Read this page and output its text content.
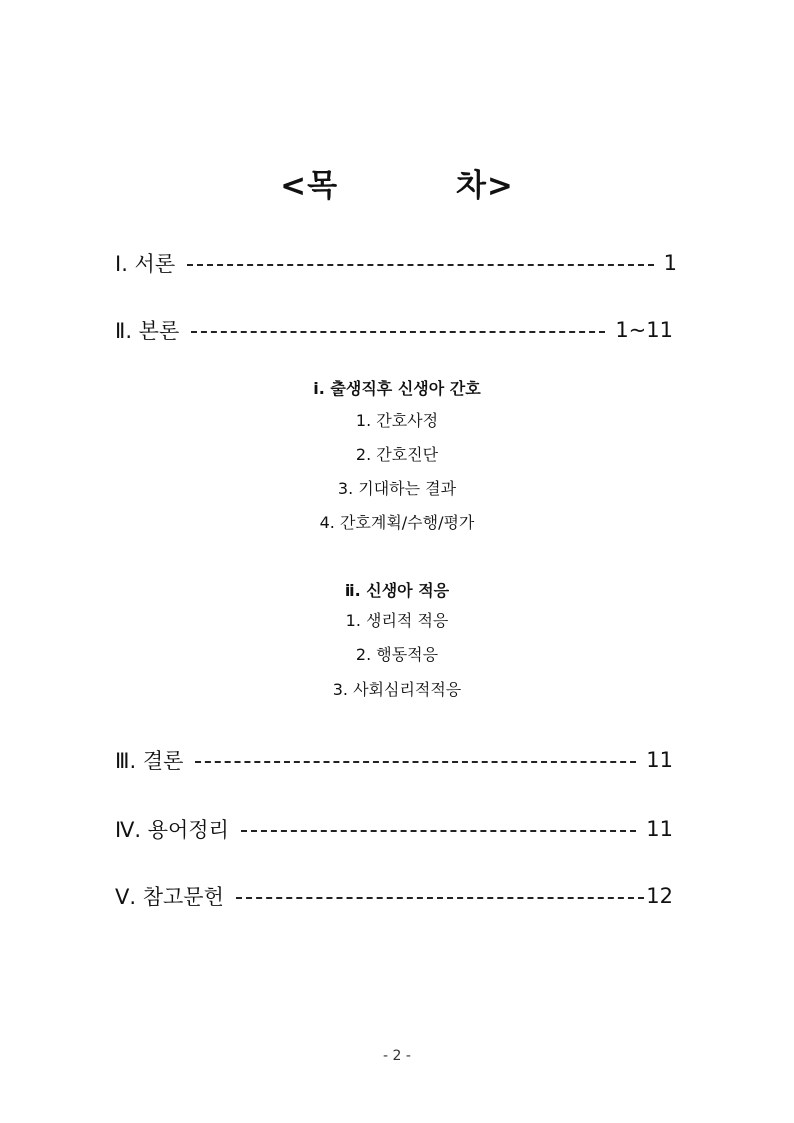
<목          차>
Ⅰ. 서론	1
Ⅱ. 본론	1~11
ⅰ. 출생직후 신생아 간호
1. 간호사정
2. 간호진단
3. 기대하는 결과
4. 간호계획/수행/평가
ⅱ. 신생아 적응
1. 생리적 적응
2. 행동적응
3. 사회심리적적응
Ⅲ. 결론	11
Ⅳ. 용어정리	11
Ⅴ. 참고문헌	12
- 2 -
